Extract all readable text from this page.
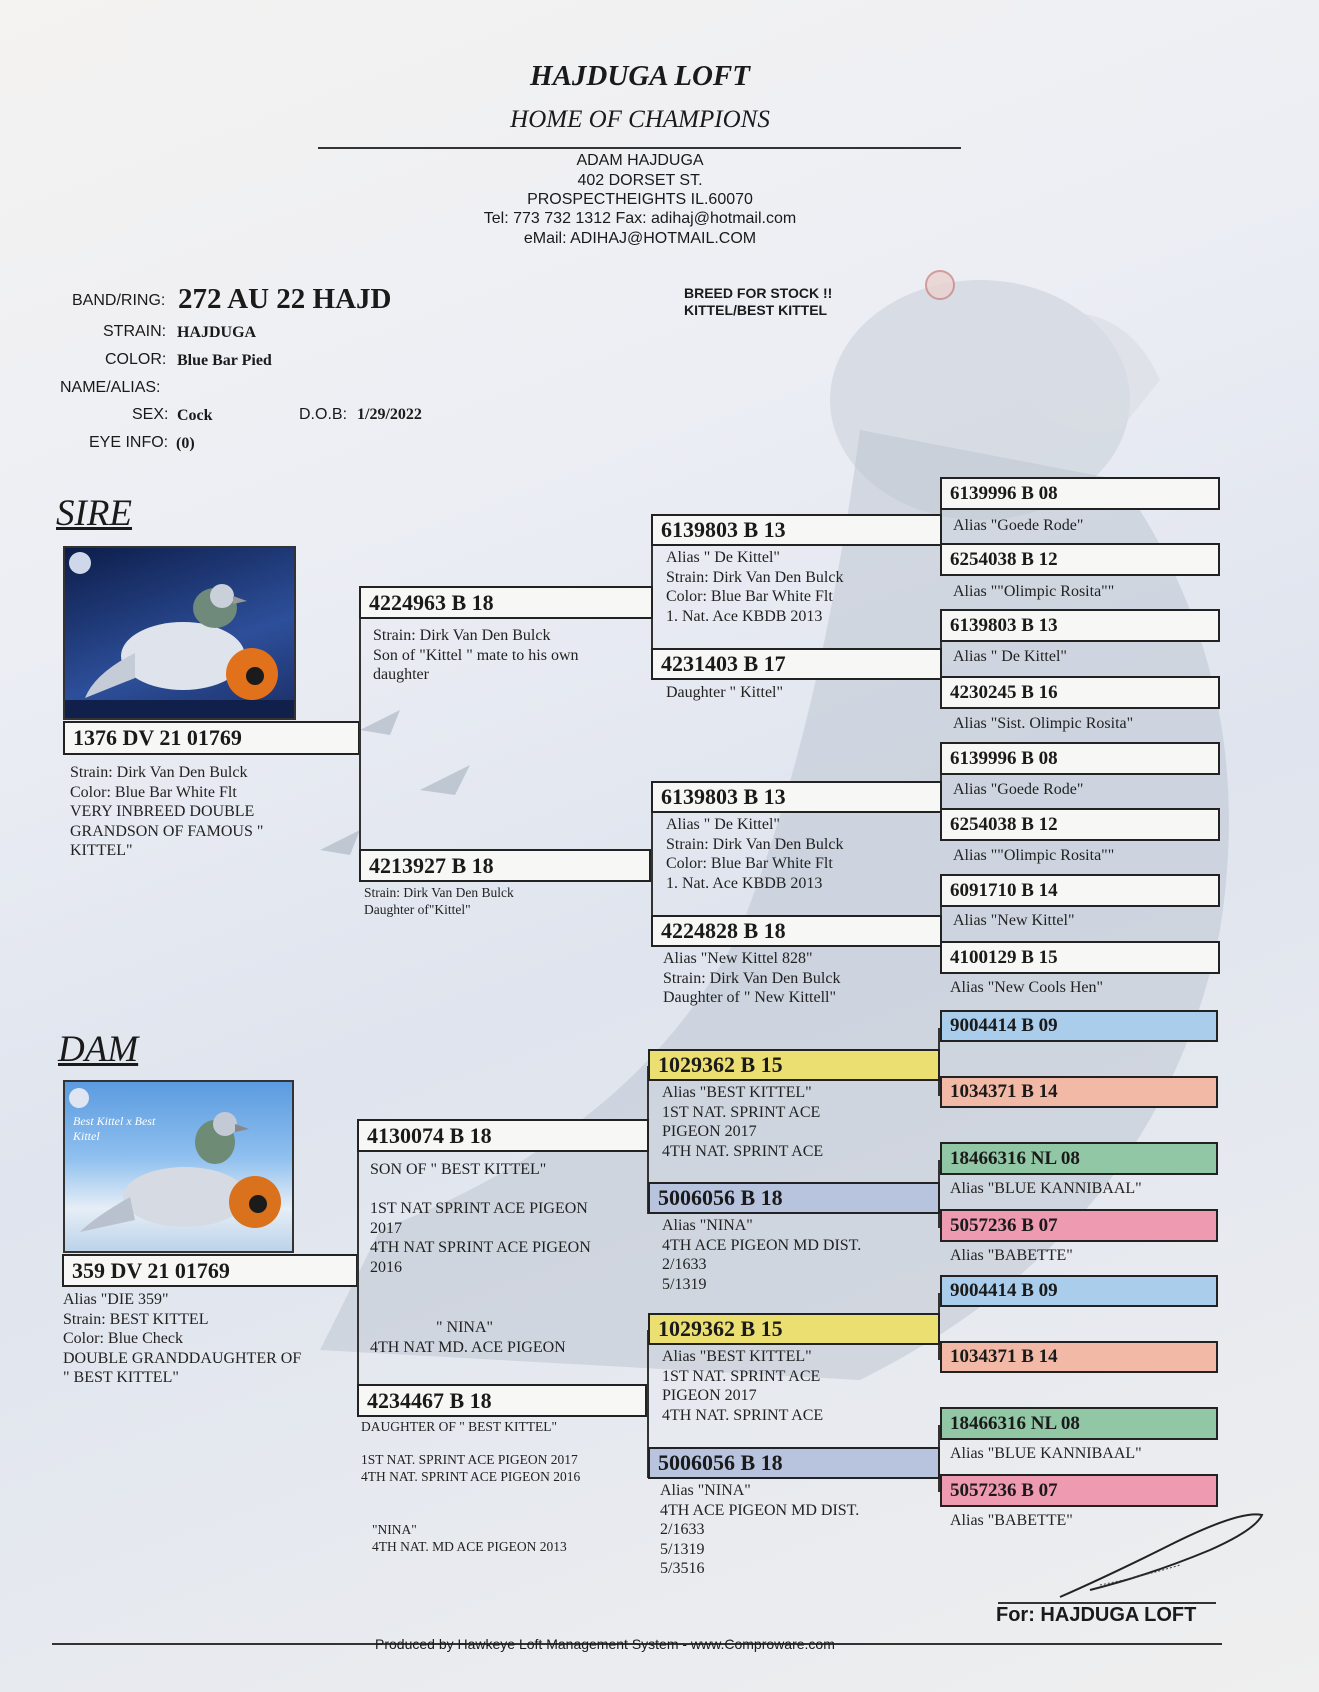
HAJDUGA LOFT
HOME OF CHAMPIONS
ADAM HAJDUGA
402 DORSET ST.
PROSPECTHEIGHTS IL.60070
Tel: 773 732 1312 Fax: adihaj@hotmail.com
eMail: ADIHAJ@HOTMAIL.COM
BAND/RING: 272 AU 22 HAJD
STRAIN: HAJDUGA
COLOR: Blue Bar Pied
NAME/ALIAS:
SEX: Cock	D.O.B: 1/29/2022
EYE INFO: (0)
BREED FOR STOCK !!
KITTEL/BEST KITTEL
SIRE
1376 DV 21 01769
Strain: Dirk Van Den Bulck
Color: Blue Bar White Flt
VERY INBREED DOUBLE
GRANDSON OF FAMOUS "
KITTEL"
4224963 B 18
Strain: Dirk Van Den Bulck
Son of "Kittel " mate to his own
daughter
4213927 B 18
Strain: Dirk Van Den Bulck
Daughter of"Kittel"
6139803 B 13
Alias " De Kittel"
Strain: Dirk Van Den Bulck
Color: Blue Bar White Flt
1. Nat. Ace KBDB 2013
4231403 B 17
Daughter " Kittel"
6139803 B 13
Alias " De Kittel"
Strain: Dirk Van Den Bulck
Color: Blue Bar White Flt
1. Nat. Ace KBDB 2013
4224828 B 18
Alias "New Kittel 828"
Strain: Dirk Van Den Bulck
Daughter of " New Kittell"
6139996 B 08
Alias "Goede Rode"
6254038 B 12
Alias ""Olimpic Rosita""
6139803 B 13
Alias " De Kittel"
4230245 B 16
Alias "Sist. Olimpic Rosita"
6139996 B 08
Alias "Goede Rode"
6254038 B 12
Alias ""Olimpic Rosita""
6091710 B 14
Alias "New Kittel"
4100129 B 15
Alias "New Cools Hen"
DAM
Best Kittel x Best Kittel
359 DV 21 01769
Alias "DIE 359"
Strain: BEST KITTEL
Color: Blue Check
DOUBLE GRANDDAUGHTER OF
" BEST KITTEL"
4130074 B 18
SON OF " BEST KITTEL"

1ST NAT SPRINT ACE PIGEON
2017
4TH NAT SPRINT ACE PIGEON
2016
" NINA"
4TH NAT MD. ACE PIGEON
4234467 B 18
DAUGHTER OF " BEST KITTEL"
1ST NAT. SPRINT ACE PIGEON 2017
4TH NAT. SPRINT ACE PIGEON 2016
"NINA"
4TH NAT. MD ACE PIGEON 2013
1029362 B 15
Alias "BEST KITTEL"
1ST NAT. SPRINT ACE
PIGEON 2017
4TH NAT. SPRINT ACE
5006056 B 18
Alias "NINA"
4TH ACE PIGEON MD DIST.
2/1633
5/1319
1029362 B 15
Alias "BEST KITTEL"
1ST NAT. SPRINT ACE
PIGEON 2017
4TH NAT. SPRINT ACE
5006056 B 18
Alias "NINA"
4TH ACE PIGEON MD DIST.
2/1633
5/1319
5/3516
9004414 B 09
1034371 B 14
18466316 NL 08
Alias "BLUE KANNIBAAL"
5057236 B 07
Alias "BABETTE"
9004414 B 09
1034371 B 14
18466316 NL 08
Alias "BLUE KANNIBAAL"
5057236 B 07
Alias "BABETTE"
For: HAJDUGA LOFT
Produced by Hawkeye Loft Management System - www.Comproware.com
